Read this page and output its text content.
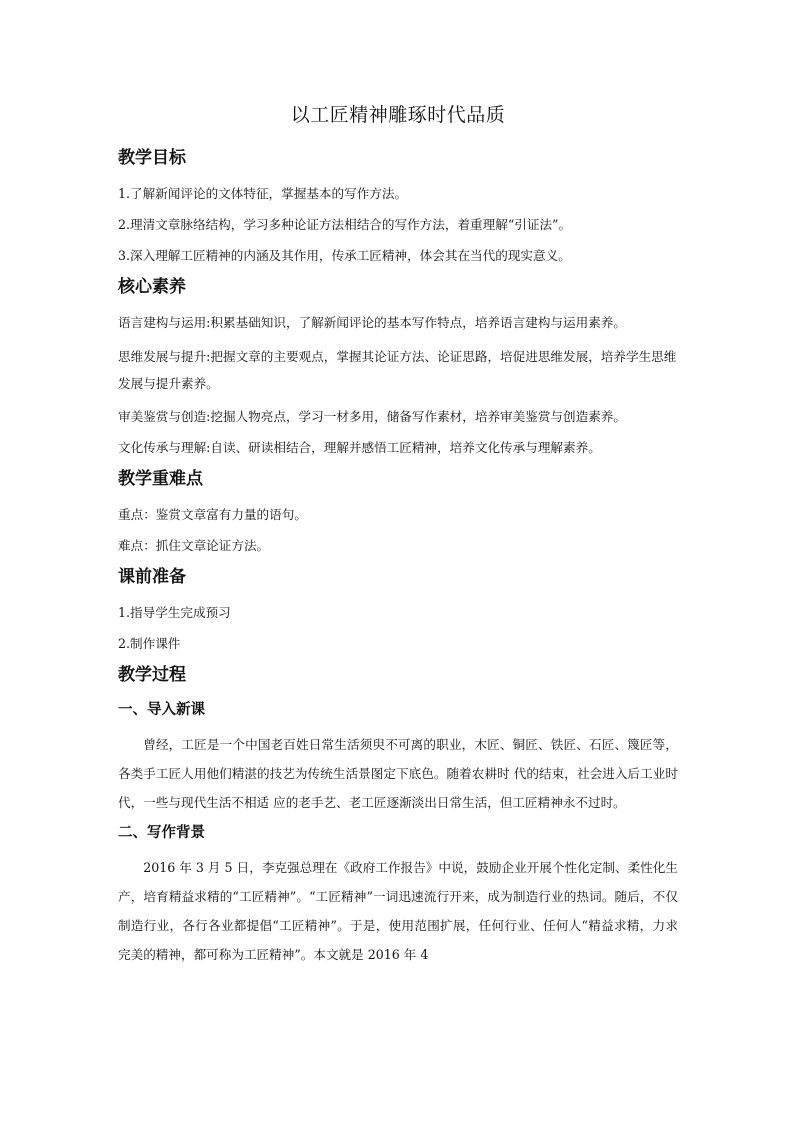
以工匠精神雕琢时代品质
教学目标

1.了解新闻评论的文体特征，掌握基本的写作方法。

2.理清文章脉络结构，学习多种论证方法相结合的写作方法，着重理解“引证法”。

3.深入理解工匠精神的内涵及其作用，传承工匠精神，体会其在当代的现实意义。

核心素养

语言建构与运用:积累基础知识，了解新闻评论的基本写作特点，培养语言建构与运用素养。

思维发展与提升:把握文章的主要观点，掌握其论证方法、论证思路，培促进思维发展，培养学生思维发展与提升素养。

审美鉴赏与创造:挖掘人物亮点，学习一材多用，储备写作素材，培养审美鉴赏与创造素养。

文化传承与理解:自读、研读相结合，理解并感悟工匠精神，培养文化传承与理解素养。

教学重难点

重点：鉴赏文章富有力量的语句。

难点：抓住文章论证方法。

课前准备

1.指导学生完成预习

2.制作课件

教学过程
一、导入新课

曾经，工匠是一个中国老百姓日常生活须臾不可离的职业，木匠、铜匠、铁匠、石匠、篾匠等，各类手工匠人用他们精湛的技艺为传统生活景图定下底色。随着农耕时 代的结束，社会进入后工业时代，一些与现代生活不相适 应的老手艺、老工匠逐渐淡出日常生活，但工匠精神永不过时。

二、写作背景

2016 年 3 月 5 日，李克强总理在《政府工作报告》中说，鼓励企业开展个性化定制、柔性化生产，培育精益求精的“工匠精神”。“工匠精神”一词迅速流行开来，成为制造行业的热词。随后，不仅制造行业，各行各业都提倡“工匠精神”。于是，使用范围扩展，任何行业、任何人“精益求精，力求完美的精神，都可称为工匠精神”。本文就是 2016 年 4
